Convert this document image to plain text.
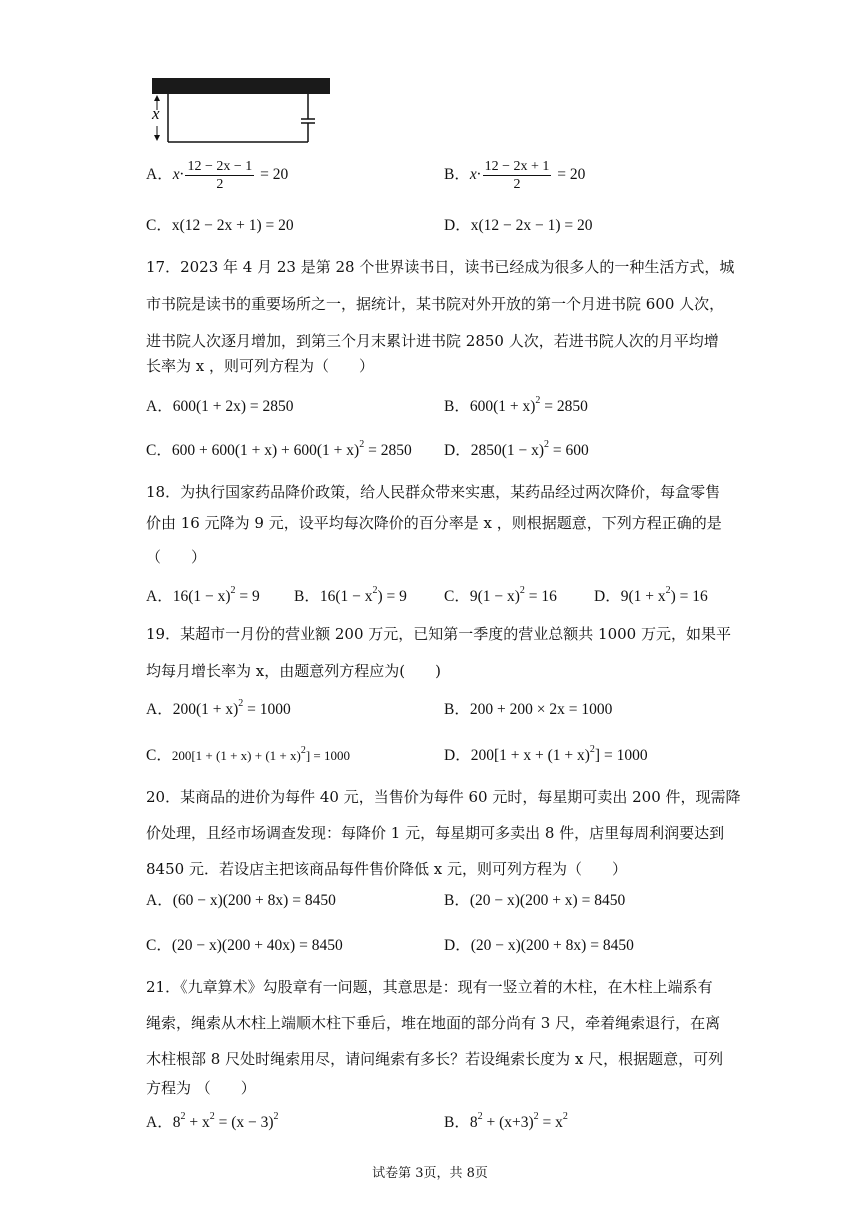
x
A．$x\cdot \frac{12 - 2x - 1}{2} = 20$	B．$x\cdot \frac{12 - 2x + 1}{2} = 20$
C．x(12 − 2x + 1) = 20	D．x(12 − 2x − 1) = 20
17．2023 年 4 月 23 是第 28 个世界读书日，读书已经成为很多人的一种生活方式，城
市书院是读书的重要场所之一，据统计，某书院对外开放的第一个月进书院 600 人次，
进书院人次逐月增加，到第三个月末累计进书院 2850 人次，若进书院人次的月平均增
长率为 x ，则可列方程为（　　）
A．600(1 + 2x) = 2850	B．$600(1 + x)^2 = 2850$
C．$600 + 600(1 + x) + 600(1 + x)^2 = 2850$ D．$2850(1 - x)^2 = 600$
18．为执行国家药品降价政策，给人民群众带来实惠，某药品经过两次降价，每盒零售
价由 16 元降为 9 元，设平均每次降价的百分率是 x ，则根据题意，下列方程正确的是
（　　）
A．$16(1 - x)^2 = 9$ B．$16(1 - x^2) = 9$ C．$9(1 - x)^2 = 16$ D．$9(1 + x^2) = 16$
19．某超市一月份的营业额 200 万元，已知第一季度的营业总额共 1000 万元，如果平
均每月增长率为 x，由题意列方程应为(　　)
A．$200(1 + x)^2 = 1000$	B．200 + 200 × 2x = 1000
C．$200[1 + (1 + x) + (1 + x)^2] = 1000$	D．$200[1 + x + (1 + x)^2] = 1000$
20．某商品的进价为每件 40 元，当售价为每件 60 元时，每星期可卖出 200 件，现需降
价处理，且经市场调查发现：每降价 1 元，每星期可多卖出 8 件，店里每周利润要达到
8450 元．若设店主把该商品每件售价降低 x 元，则可列方程为（　　）
A．(60 − x)(200 + 8x) = 8450	B．(20 − x)(200 + x) = 8450
C．(20 − x)(200 + 40x) = 8450	D．(20 − x)(200 + 8x) = 8450
21．《九章算术》勾股章有一问题，其意思是：现有一竖立着的木柱，在木柱上端系有
绳索，绳索从木柱上端顺木柱下垂后，堆在地面的部分尚有 3 尺，牵着绳索退行，在离
木柱根部 8 尺处时绳索用尽，请问绳索有多长？若设绳索长度为 x 尺，根据题意，可列
方程为 （　　）
A．$8^2 + x^2 = (x - 3)^2$	B．$8^2 + (x+3)^2 = x^2$
试卷第 3页，共 8页
